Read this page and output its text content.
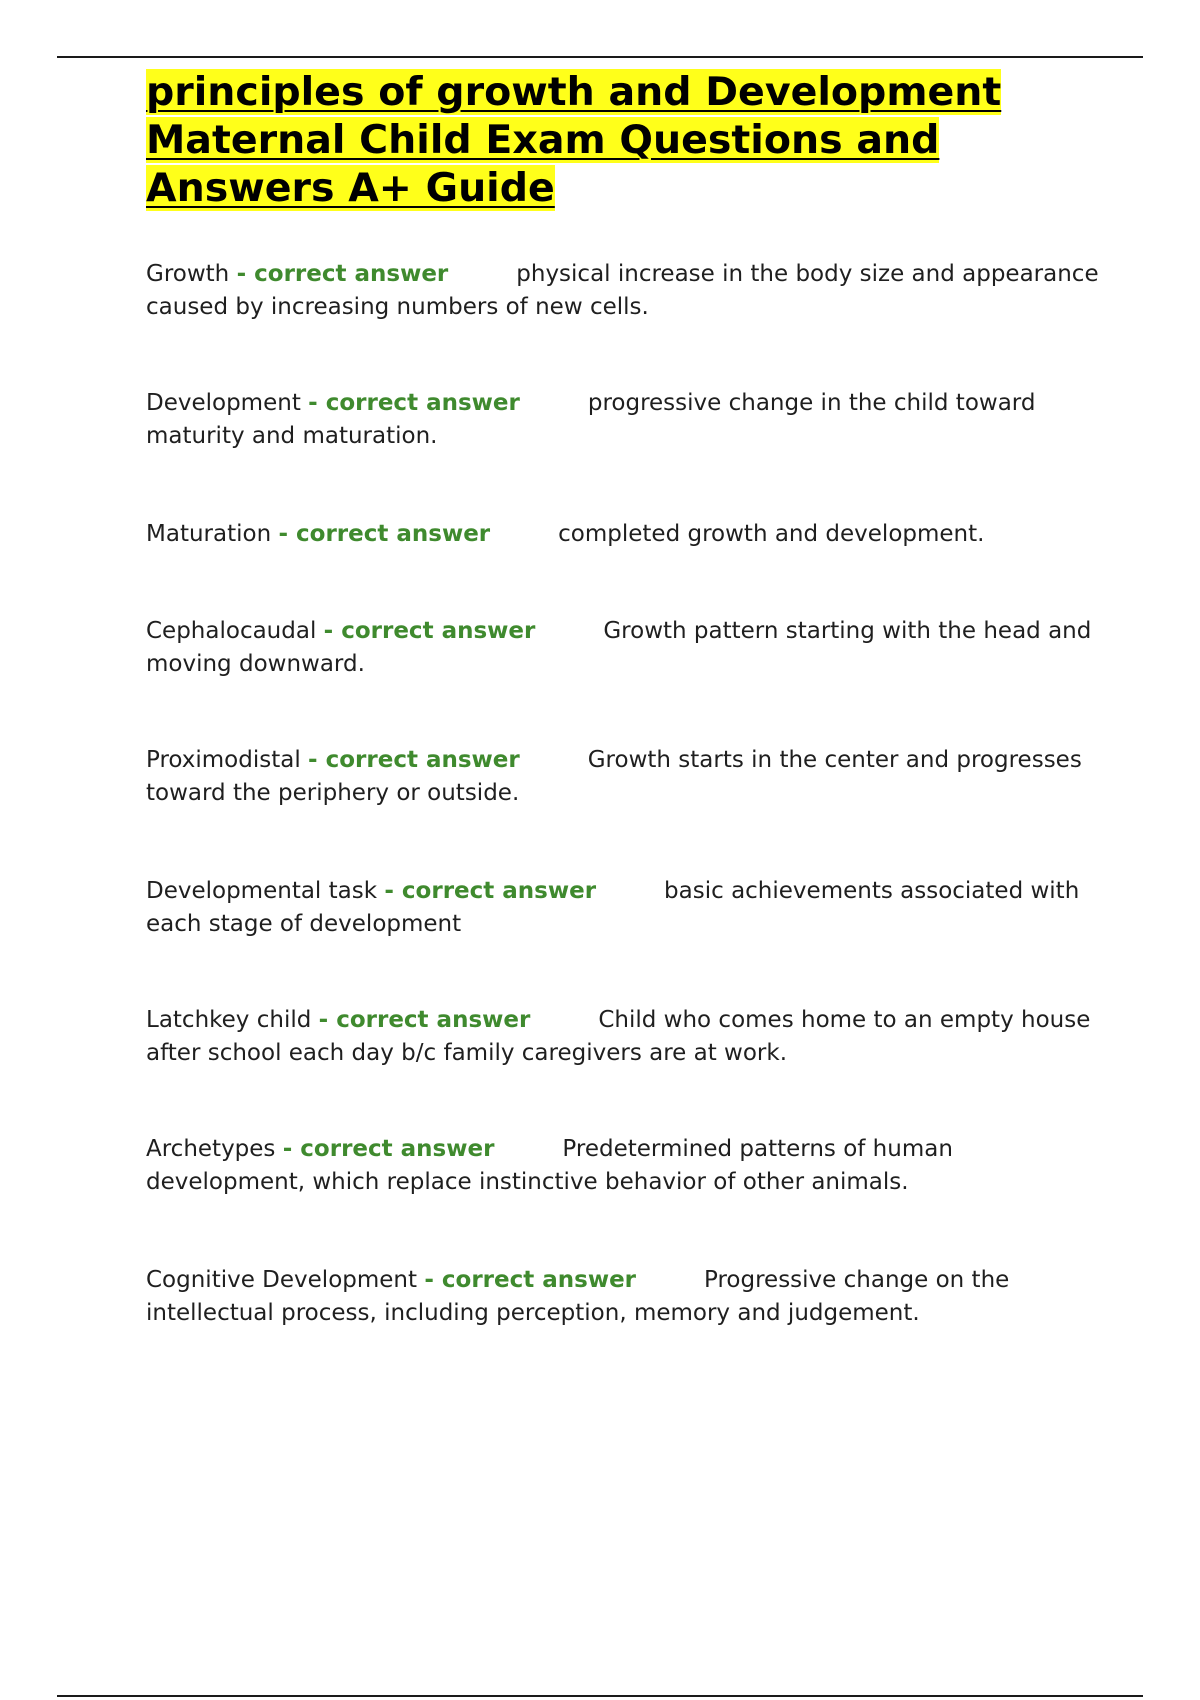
principles of growth and Development Maternal Child Exam Questions and Answers A+ Guide

Growth - correct answer	physical increase in the body size and appearance caused by increasing numbers of new cells.

Development - correct answer	progressive change in the child toward maturity and maturation.

Maturation - correct answer	completed growth and development.

Cephalocaudal - correct answer	Growth pattern starting with the head and moving downward.

Proximodistal - correct answer	Growth starts in the center and progresses toward the periphery or outside.

Developmental task - correct answer	basic achievements associated with each stage of development

Latchkey child - correct answer	Child who comes home to an empty house after school each day b/c family caregivers are at work.

Archetypes - correct answer	Predetermined patterns of human development, which replace instinctive behavior of other animals.

Cognitive Development - correct answer	Progressive change on the intellectual process, including perception, memory and judgement.
